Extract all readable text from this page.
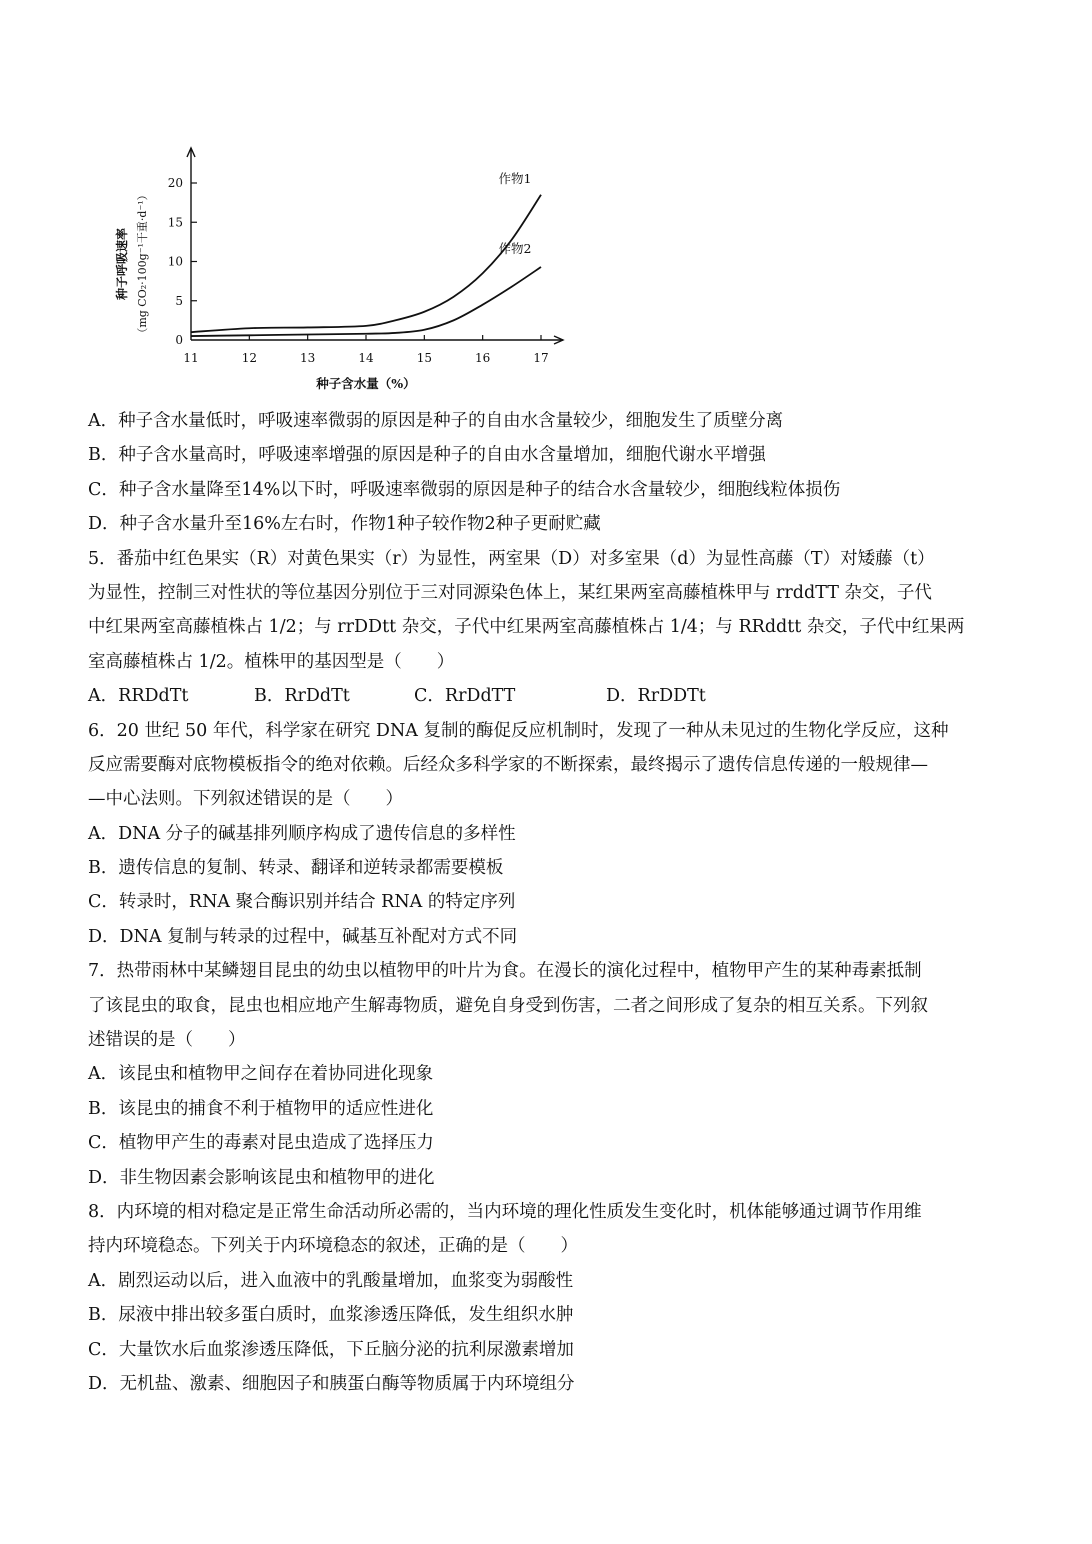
0
5
10
15
20
11	12	13	14	15	16	17
作物1
作物2
种子含水量（%）
种子呼吸速率 （mg CO₂·100g⁻¹干重·d⁻¹）
A．种子含水量低时，呼吸速率微弱的原因是种子的自由水含量较少，细胞发生了质壁分离
B．种子含水量高时，呼吸速率增强的原因是种子的自由水含量增加，细胞代谢水平增强
C．种子含水量降至14%以下时，呼吸速率微弱的原因是种子的结合水含量较少，细胞线粒体损伤
D．种子含水量升至16%左右时，作物1种子较作物2种子更耐贮藏
5．番茄中红色果实（R）对黄色果实（r）为显性，两室果（D）对多室果（d）为显性高藤（T）对矮藤（t）
为显性，控制三对性状的等位基因分别位于三对同源染色体上，某红果两室高藤植株甲与 rrddTT 杂交，子代
中红果两室高藤植株占 1/2；与 rrDDtt 杂交，子代中红果两室高藤植株占 1/4；与 RRddtt 杂交，子代中红果两
室高藤植株占 1/2。植株甲的基因型是（　　）
A．RRDdTt	B．RrDdTt	C．RrDdTT	D．RrDDTt
6．20 世纪 50 年代，科学家在研究 DNA 复制的酶促反应机制时，发现了一种从未见过的生物化学反应，这种
反应需要酶对底物模板指令的绝对依赖。后经众多科学家的不断探索，最终揭示了遗传信息传递的一般规律—
—中心法则。下列叙述错误的是（　　）
A．DNA 分子的碱基排列顺序构成了遗传信息的多样性
B．遗传信息的复制、转录、翻译和逆转录都需要模板
C．转录时，RNA 聚合酶识别并结合 RNA 的特定序列
D．DNA 复制与转录的过程中，碱基互补配对方式不同
7．热带雨林中某鳞翅目昆虫的幼虫以植物甲的叶片为食。在漫长的演化过程中，植物甲产生的某种毒素抵制
了该昆虫的取食，昆虫也相应地产生解毒物质，避免自身受到伤害，二者之间形成了复杂的相互关系。下列叙
述错误的是（　　）
A．该昆虫和植物甲之间存在着协同进化现象
B．该昆虫的捕食不利于植物甲的适应性进化
C．植物甲产生的毒素对昆虫造成了选择压力
D．非生物因素会影响该昆虫和植物甲的进化
8．内环境的相对稳定是正常生命活动所必需的，当内环境的理化性质发生变化时，机体能够通过调节作用维
持内环境稳态。下列关于内环境稳态的叙述，正确的是（　　）
A．剧烈运动以后，进入血液中的乳酸量增加，血浆变为弱酸性
B．尿液中排出较多蛋白质时，血浆渗透压降低，发生组织水肿
C．大量饮水后血浆渗透压降低，下丘脑分泌的抗利尿激素增加
D．无机盐、激素、细胞因子和胰蛋白酶等物质属于内环境组分
